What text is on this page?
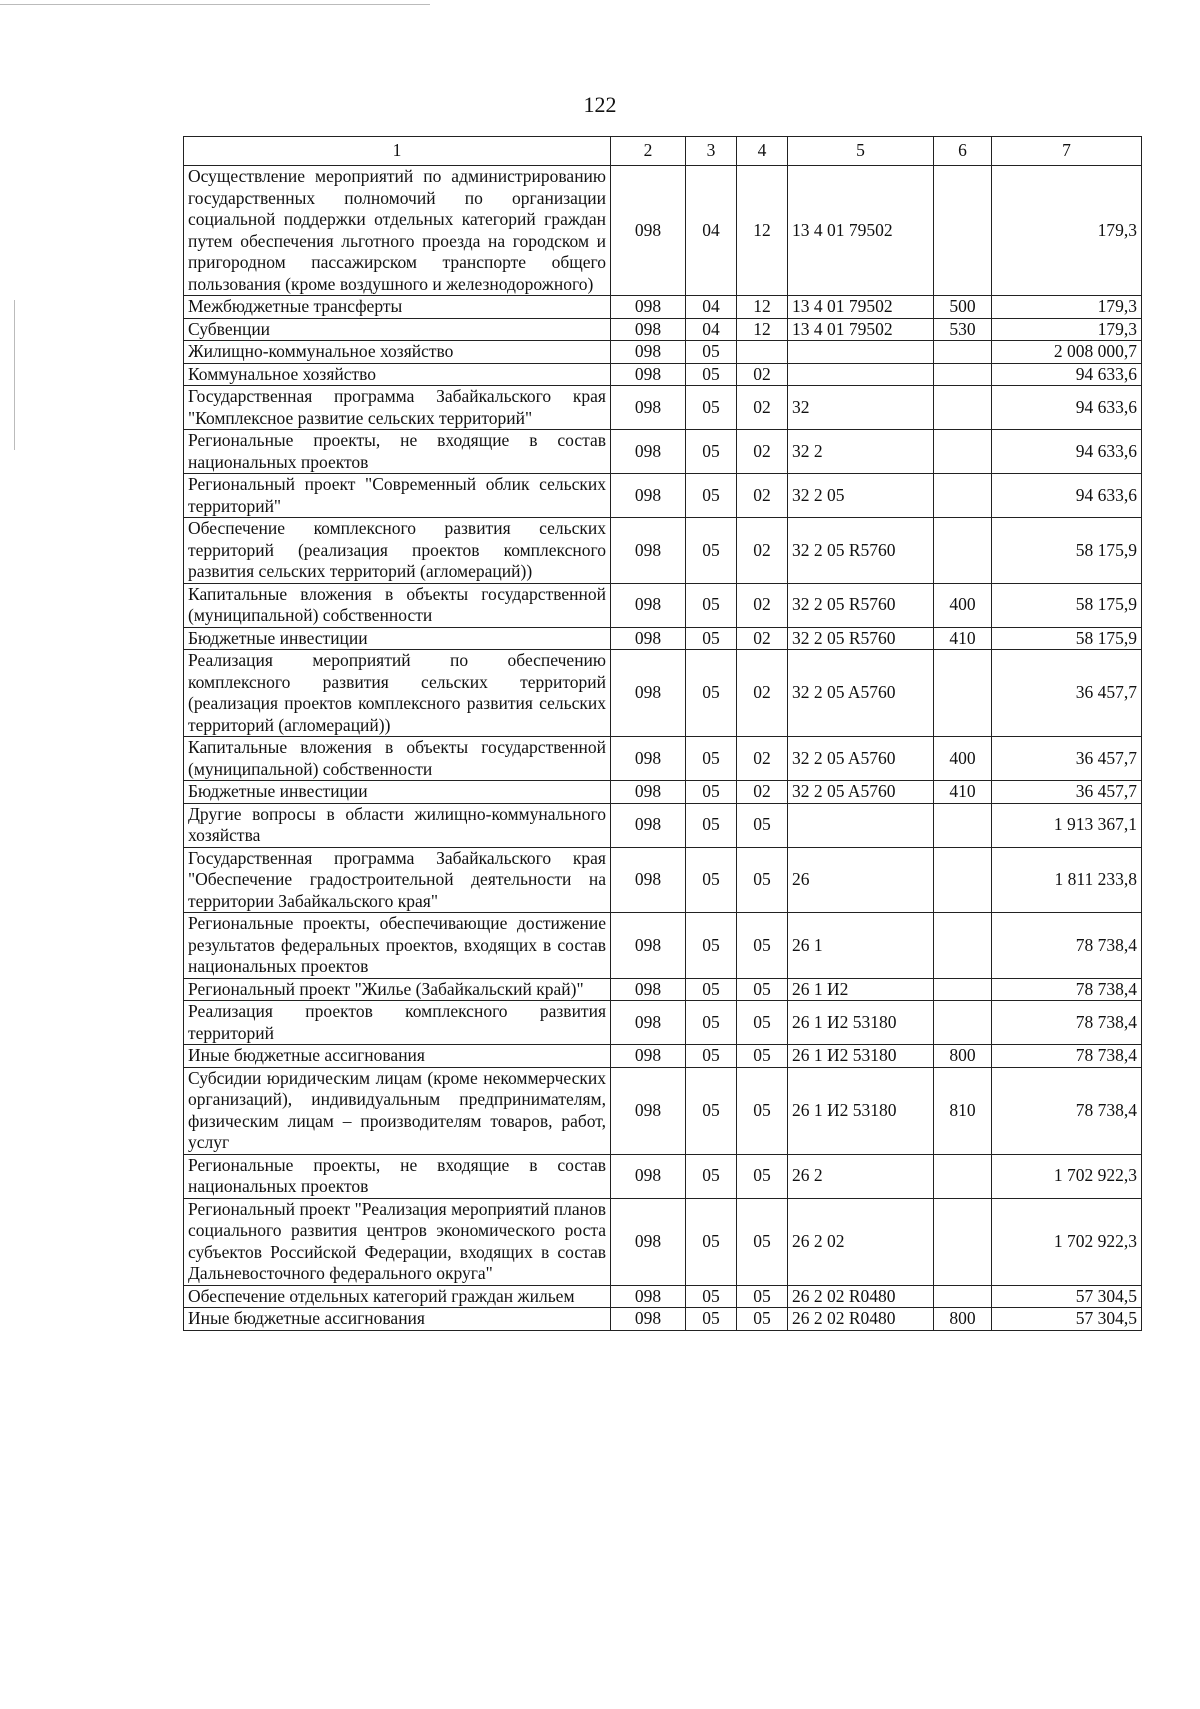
122
1	2	3	4	5	6	7
Осуществление мероприятий по администрированию государственных полномочий по организации социальной поддержки отдельных категорий граждан путем обеспечения льготного проезда на городском и пригородном пассажирском транспорте общего пользования (кроме воздушного и железнодорожного)	098	04	12	13 4 01 79502		179,3
Межбюджетные трансферты	098	04	12	13 4 01 79502	500	179,3
Субвенции	098	04	12	13 4 01 79502	530	179,3
Жилищно-коммунальное хозяйство	098	05				2 008 000,7
Коммунальное хозяйство	098	05	02			94 633,6
Государственная программа Забайкальского края "Комплексное развитие сельских территорий"	098	05	02	32		94 633,6
Региональные проекты, не входящие в состав национальных проектов	098	05	02	32 2		94 633,6
Региональный проект "Современный облик сельских территорий"	098	05	02	32 2 05		94 633,6
Обеспечение комплексного развития сельских территорий (реализация проектов комплексного развития сельских территорий (агломераций))	098	05	02	32 2 05 R5760		58 175,9
Капитальные вложения в объекты государственной (муниципальной) собственности	098	05	02	32 2 05 R5760	400	58 175,9
Бюджетные инвестиции	098	05	02	32 2 05 R5760	410	58 175,9
Реализация мероприятий по обеспечению комплексного развития сельских территорий (реализация проектов комплексного развития сельских территорий (агломераций))	098	05	02	32 2 05 A5760		36 457,7
Капитальные вложения в объекты государственной (муниципальной) собственности	098	05	02	32 2 05 A5760	400	36 457,7
Бюджетные инвестиции	098	05	02	32 2 05 A5760	410	36 457,7
Другие вопросы в области жилищно-коммунального хозяйства	098	05	05			1 913 367,1
Государственная программа Забайкальского края "Обеспечение градостроительной деятельности на территории Забайкальского края"	098	05	05	26		1 811 233,8
Региональные проекты, обеспечивающие достижение результатов федеральных проектов, входящих в состав национальных проектов	098	05	05	26 1		78 738,4
Региональный проект "Жилье (Забайкальский край)"	098	05	05	26 1 И2		78 738,4
Реализация проектов комплексного развития территорий	098	05	05	26 1 И2 53180		78 738,4
Иные бюджетные ассигнования	098	05	05	26 1 И2 53180	800	78 738,4
Субсидии юридическим лицам (кроме некоммерческих организаций), индивидуальным предпринимателям, физическим лицам – производителям товаров, работ, услуг	098	05	05	26 1 И2 53180	810	78 738,4
Региональные проекты, не входящие в состав национальных проектов	098	05	05	26 2		1 702 922,3
Региональный проект "Реализация мероприятий планов социального развития центров экономического роста субъектов Российской Федерации, входящих в состав Дальневосточного федерального округа"	098	05	05	26 2 02		1 702 922,3
Обеспечение отдельных категорий граждан жильем	098	05	05	26 2 02 R0480		57 304,5
Иные бюджетные ассигнования	098	05	05	26 2 02 R0480	800	57 304,5
